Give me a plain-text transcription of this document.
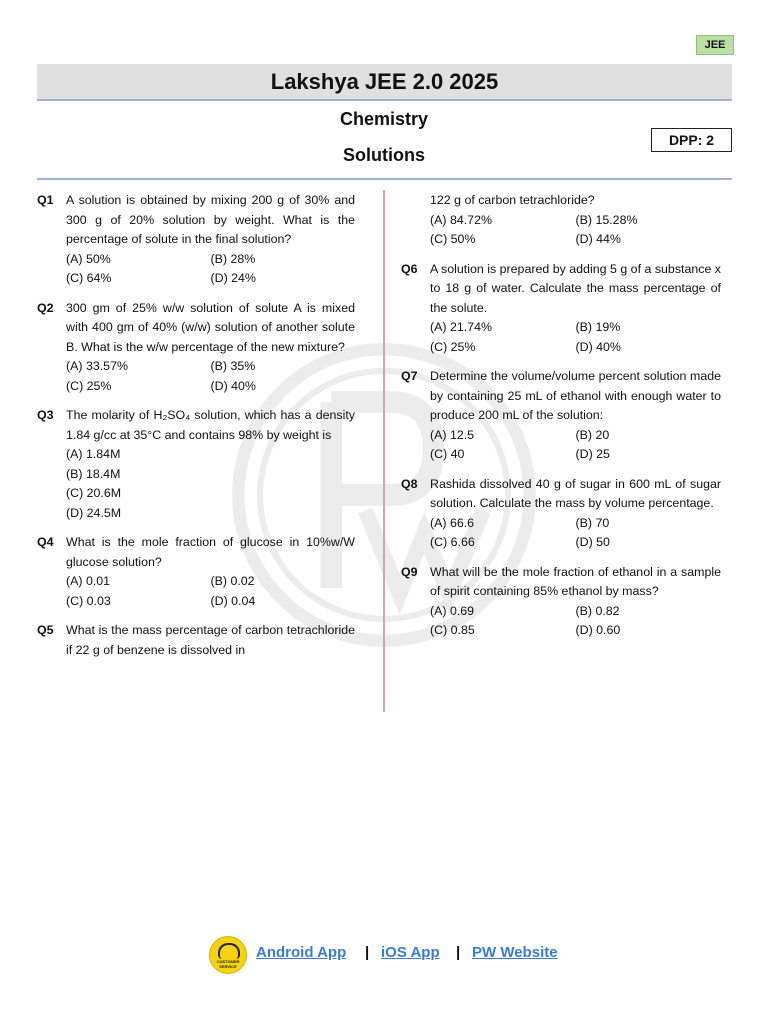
JEE
Lakshya JEE 2.0 2025
Chemistry
Solutions
DPP: 2
Q1 A solution is obtained by mixing 200 g of 30% and 300 g of 20% solution by weight. What is the percentage of solute in the final solution?
(A) 50%	(B) 28%
(C) 64%	(D) 24%
Q2 300 gm of 25% w/w solution of solute A is mixed with 400 gm of 40% (w/w) solution of another solute B. What is the w/w percentage of the new mixture?
(A) 33.57%	(B) 35%
(C) 25%	(D) 40%
Q3 The molarity of H₂SO₄ solution, which has a density 1.84 g/cc at 35°C and contains 98% by weight is
(A) 1.84M
(B) 18.4M
(C) 20.6M
(D) 24.5M
Q4 What is the mole fraction of glucose in 10%w/W glucose solution?
(A) 0.01	(B) 0.02
(C) 0.03	(D) 0.04
Q5 What is the mass percentage of carbon tetrachloride if 22 g of benzene is dissolved in
122 g of carbon tetrachloride?
(A) 84.72%	(B) 15.28%
(C) 50%	(D) 44%
Q6 A solution is prepared by adding 5 g of a substance x to 18 g of water. Calculate the mass percentage of the solute.
(A) 21.74%	(B) 19%
(C) 25%	(D) 40%
Q7 Determine the volume/volume percent solution made by containing 25 mL of ethanol with enough water to produce 200 mL of the solution:
(A) 12.5	(B) 20
(C) 40	(D) 25
Q8 Rashida dissolved 40 g of sugar in 600 mL of sugar solution. Calculate the mass by volume percentage.
(A) 66.6	(B) 70
(C) 6.66	(D) 50
Q9 What will be the mole fraction of ethanol in a sample of spirit containing 85% ethanol by mass?
(A) 0.69	(B) 0.82
(C) 0.85	(D) 0.60
CUSTOMER SERVICE
Android App | iOS App | PW Website
